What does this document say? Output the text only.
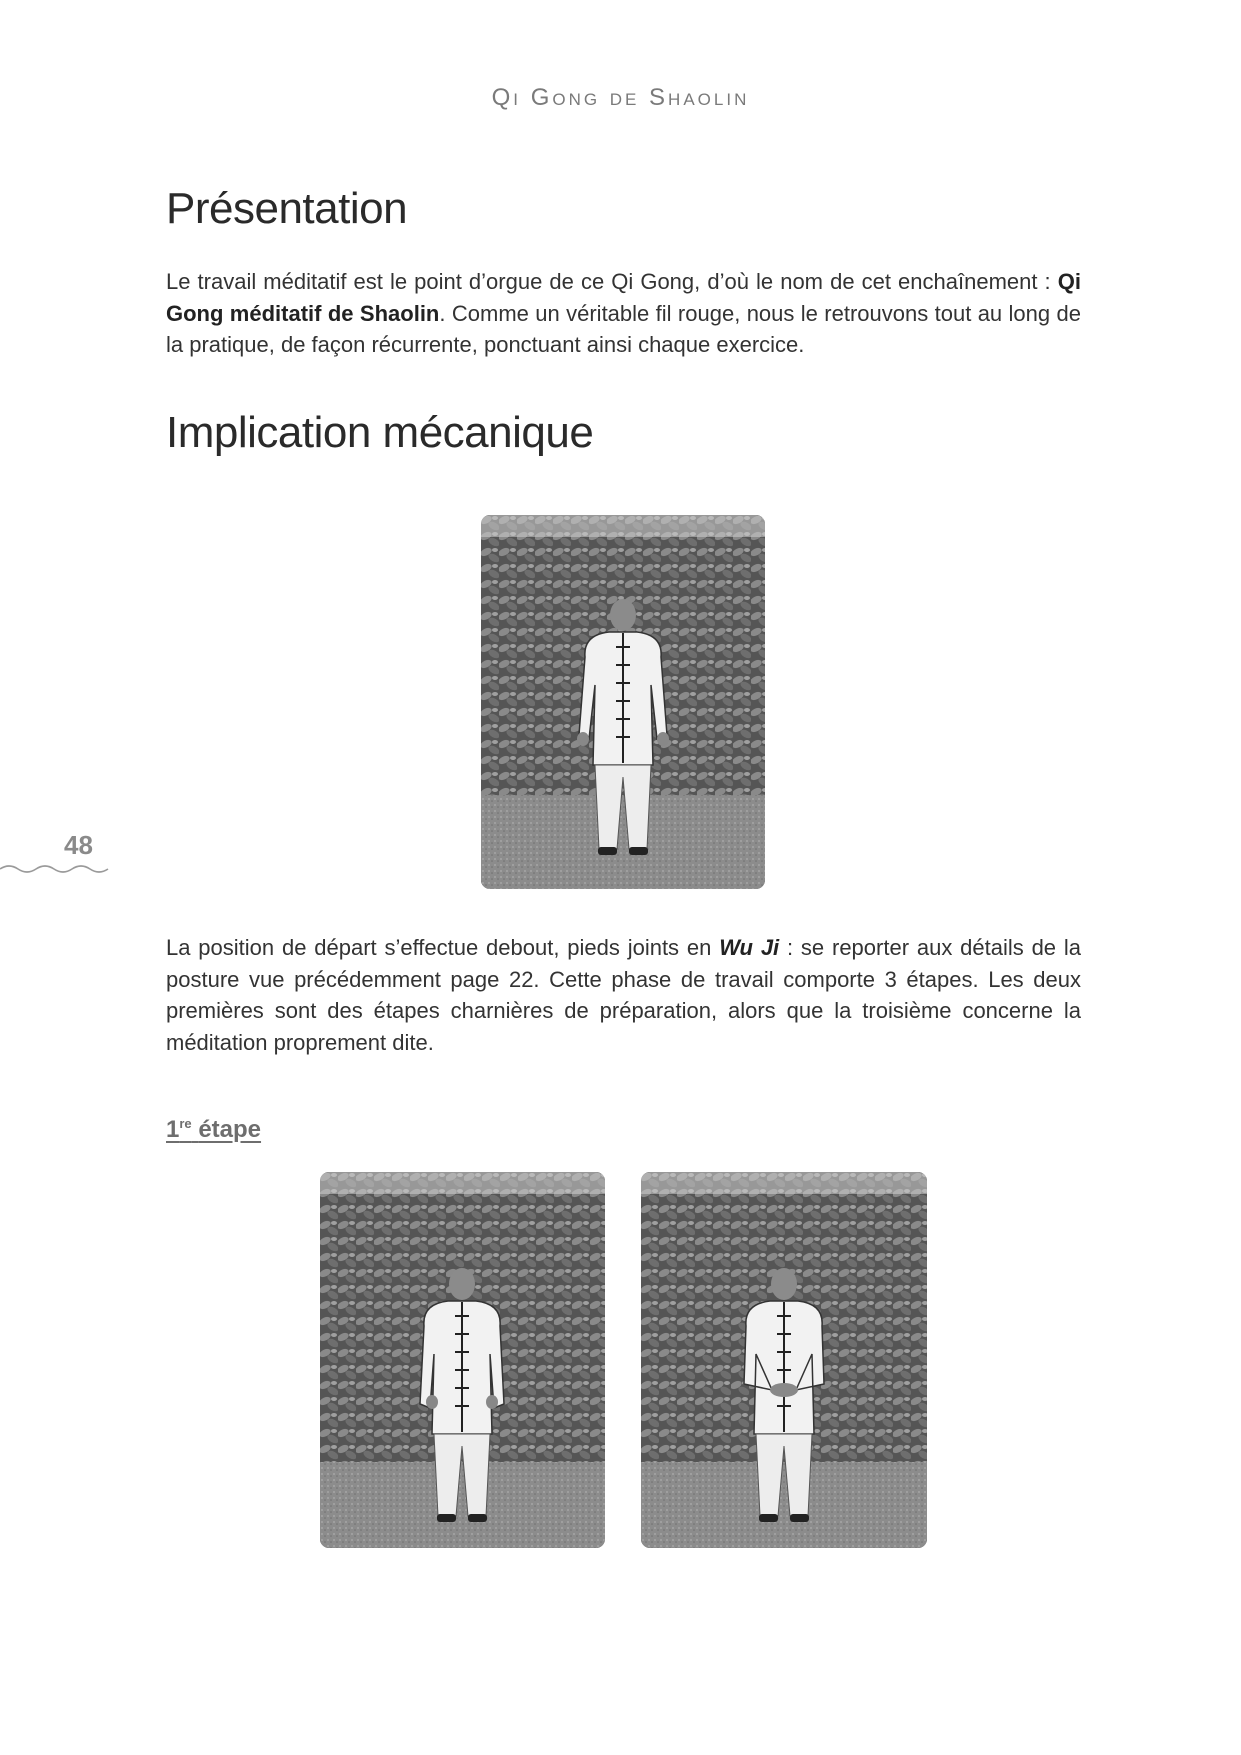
Qi Gong de Shaolin
Présentation

Le travail méditatif est le point d’orgue de ce Qi Gong, d’où le nom de cet enchaînement : Qi Gong méditatif de Shaolin. Comme un véritable fil rouge, nous le retrouvons tout au long de la pratique, de façon récurrente, ponctuant ainsi chaque exercice.

Implication mécanique

La position de départ s’effectue debout, pieds joints en Wu Ji : se reporter aux détails de la posture vue précédemment page 22. Cette phase de travail comporte 3 étapes. Les deux premières sont des étapes charnières de préparation, alors que la troisième concerne la méditation proprement dite.

48
1re étape
